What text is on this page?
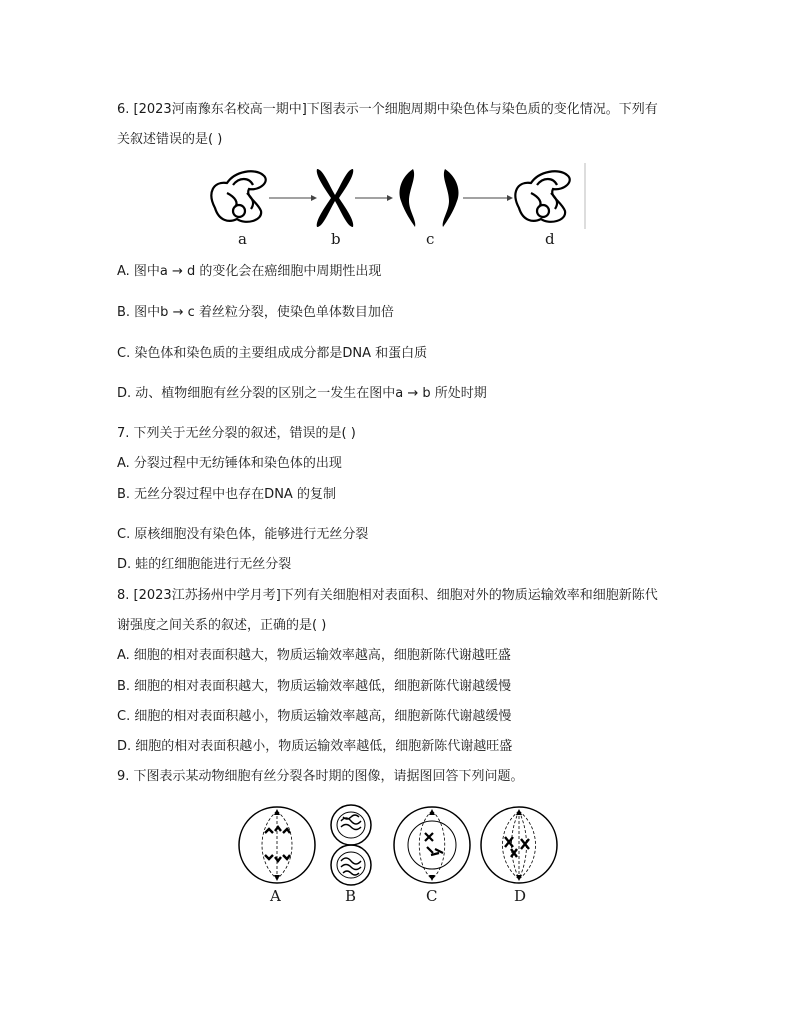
6. [2023河南豫东名校高一期中]下图表示一个细胞周期中染色体与染色质的变化情况。下列有
关叙述错误的是( )
a	b	c	d
A. 图中a → d 的变化会在癌细胞中周期性出现
B. 图中b → c 着丝粒分裂，使染色单体数目加倍
C. 染色体和染色质的主要组成成分都是DNA 和蛋白质
D. 动、植物细胞有丝分裂的区别之一发生在图中a → b 所处时期
7. 下列关于无丝分裂的叙述，错误的是( )
A. 分裂过程中无纺锤体和染色体的出现
B. 无丝分裂过程中也存在DNA 的复制
C. 原核细胞没有染色体，能够进行无丝分裂
D. 蛙的红细胞能进行无丝分裂
8. [2023江苏扬州中学月考]下列有关细胞相对表面积、细胞对外的物质运输效率和细胞新陈代
谢强度之间关系的叙述，正确的是( )
A. 细胞的相对表面积越大，物质运输效率越高，细胞新陈代谢越旺盛
B. 细胞的相对表面积越大，物质运输效率越低，细胞新陈代谢越缓慢
C. 细胞的相对表面积越小，物质运输效率越高，细胞新陈代谢越缓慢
D. 细胞的相对表面积越小，物质运输效率越低，细胞新陈代谢越旺盛
9. 下图表示某动物细胞有丝分裂各时期的图像，请据图回答下列问题。
A	B	C	D
